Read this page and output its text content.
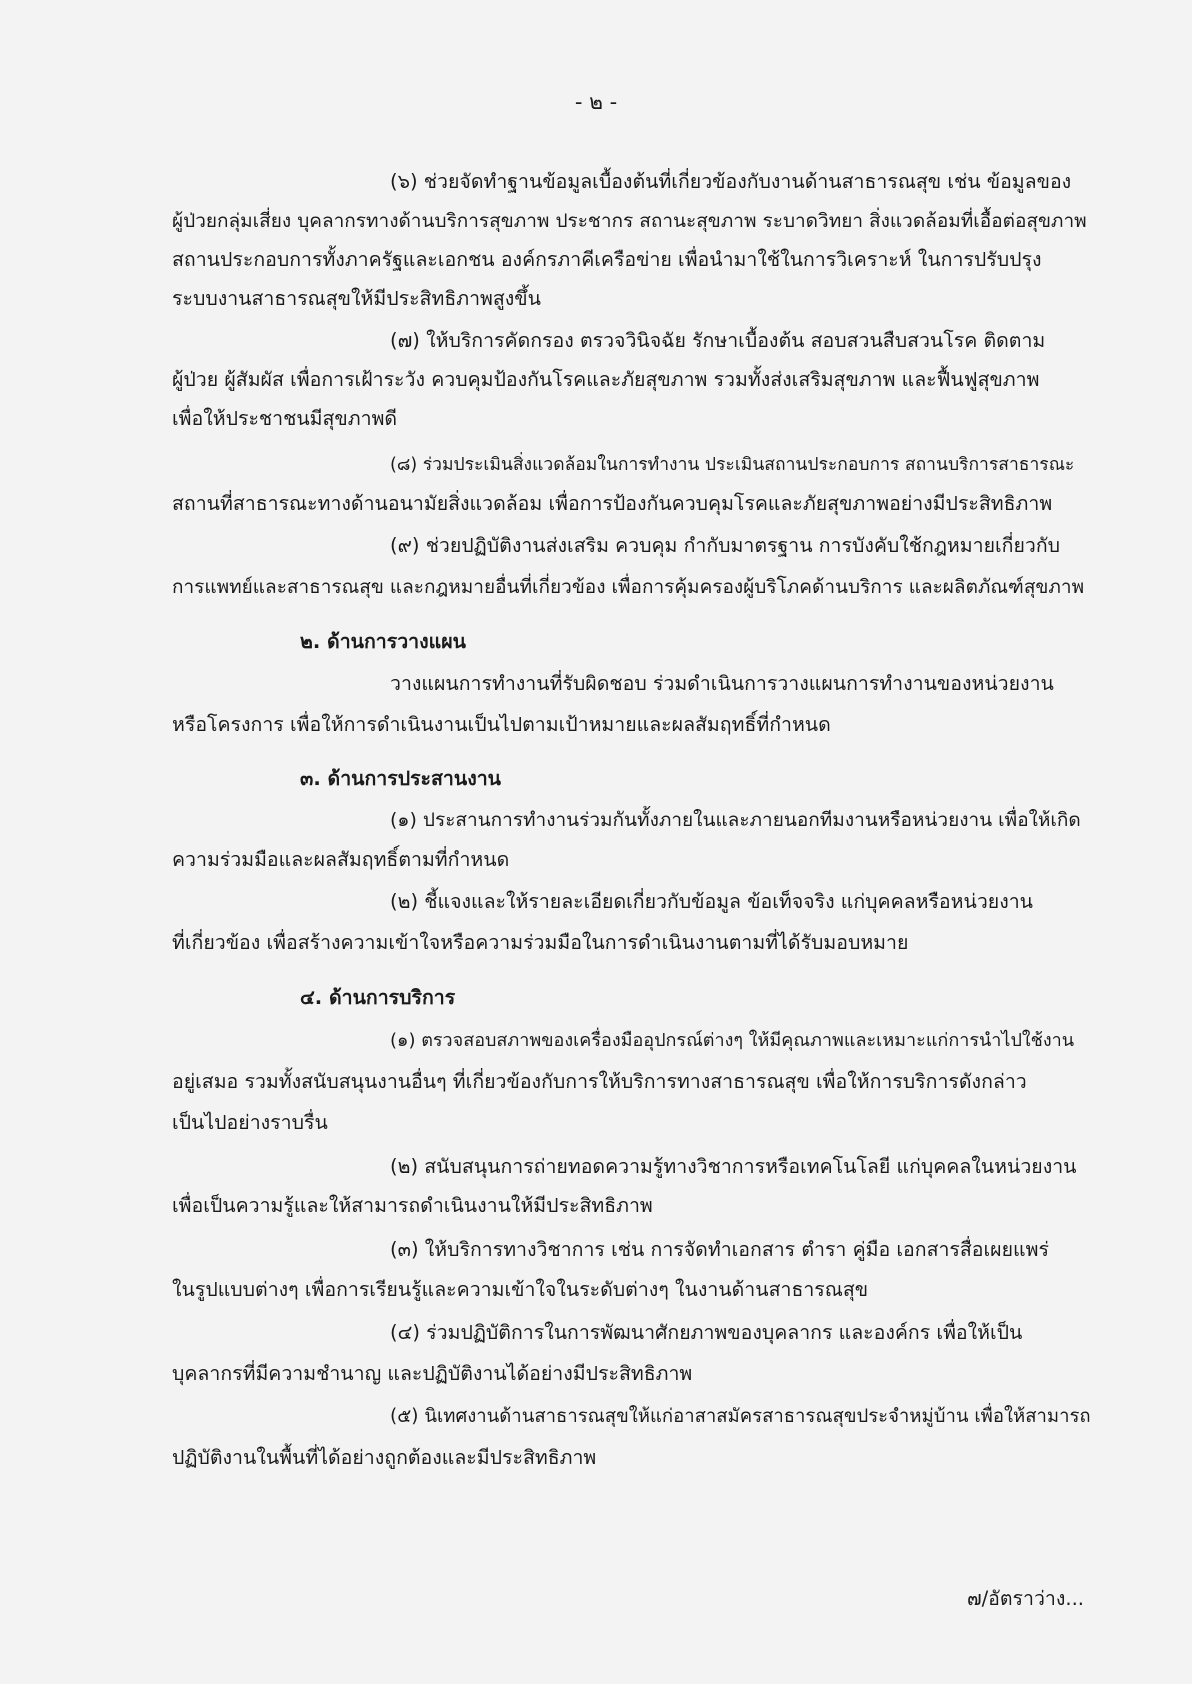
- ๒ -
(๖) ช่วยจัดทำฐานข้อมูลเบื้องต้นที่เกี่ยวข้องกับงานด้านสาธารณสุข เช่น ข้อมูลของ
ผู้ป่วยกลุ่มเสี่ยง บุคลากรทางด้านบริการสุขภาพ ประชากร สถานะสุขภาพ ระบาดวิทยา สิ่งแวดล้อมที่เอื้อต่อสุขภาพ
สถานประกอบการทั้งภาครัฐและเอกชน องค์กรภาคีเครือข่าย เพื่อนำมาใช้ในการวิเคราะห์ ในการปรับปรุง
ระบบงานสาธารณสุขให้มีประสิทธิภาพสูงขึ้น
(๗) ให้บริการคัดกรอง ตรวจวินิจฉัย รักษาเบื้องต้น สอบสวนสืบสวนโรค ติดตาม
ผู้ป่วย ผู้สัมผัส เพื่อการเฝ้าระวัง ควบคุมป้องกันโรคและภัยสุขภาพ รวมทั้งส่งเสริมสุขภาพ และฟื้นฟูสุขภาพ
เพื่อให้ประชาชนมีสุขภาพดี
(๘) ร่วมประเมินสิ่งแวดล้อมในการทำงาน ประเมินสถานประกอบการ สถานบริการสาธารณะ
สถานที่สาธารณะทางด้านอนามัยสิ่งแวดล้อม เพื่อการป้องกันควบคุมโรคและภัยสุขภาพอย่างมีประสิทธิภาพ
(๙) ช่วยปฏิบัติงานส่งเสริม ควบคุม กำกับมาตรฐาน การบังคับใช้กฎหมายเกี่ยวกับ
การแพทย์และสาธารณสุข และกฎหมายอื่นที่เกี่ยวข้อง เพื่อการคุ้มครองผู้บริโภคด้านบริการ และผลิตภัณฑ์สุขภาพ
๒. ด้านการวางแผน
วางแผนการทำงานที่รับผิดชอบ ร่วมดำเนินการวางแผนการทำงานของหน่วยงาน
หรือโครงการ เพื่อให้การดำเนินงานเป็นไปตามเป้าหมายและผลสัมฤทธิ์ที่กำหนด
๓. ด้านการประสานงาน
(๑) ประสานการทำงานร่วมกันทั้งภายในและภายนอกทีมงานหรือหน่วยงาน เพื่อให้เกิด
ความร่วมมือและผลสัมฤทธิ์ตามที่กำหนด
(๒) ชี้แจงและให้รายละเอียดเกี่ยวกับข้อมูล ข้อเท็จจริง แก่บุคคลหรือหน่วยงาน
ที่เกี่ยวข้อง เพื่อสร้างความเข้าใจหรือความร่วมมือในการดำเนินงานตามที่ได้รับมอบหมาย
๔. ด้านการบริการ
(๑) ตรวจสอบสภาพของเครื่องมืออุปกรณ์ต่างๆ ให้มีคุณภาพและเหมาะแก่การนำไปใช้งาน
อยู่เสมอ รวมทั้งสนับสนุนงานอื่นๆ ที่เกี่ยวข้องกับการให้บริการทางสาธารณสุข เพื่อให้การบริการดังกล่าว
เป็นไปอย่างราบรื่น
(๒) สนับสนุนการถ่ายทอดความรู้ทางวิชาการหรือเทคโนโลยี แก่บุคคลในหน่วยงาน
เพื่อเป็นความรู้และให้สามารถดำเนินงานให้มีประสิทธิภาพ
(๓) ให้บริการทางวิชาการ เช่น การจัดทำเอกสาร ตำรา คู่มือ เอกสารสื่อเผยแพร่
ในรูปแบบต่างๆ เพื่อการเรียนรู้และความเข้าใจในระดับต่างๆ ในงานด้านสาธารณสุข
(๔) ร่วมปฏิบัติการในการพัฒนาศักยภาพของบุคลากร และองค์กร เพื่อให้เป็น
บุคลากรที่มีความชำนาญ และปฏิบัติงานได้อย่างมีประสิทธิภาพ
(๕) นิเทศงานด้านสาธารณสุขให้แก่อาสาสมัครสาธารณสุขประจำหมู่บ้าน เพื่อให้สามารถ
ปฏิบัติงานในพื้นที่ได้อย่างถูกต้องและมีประสิทธิภาพ
๗/อัตราว่าง...
